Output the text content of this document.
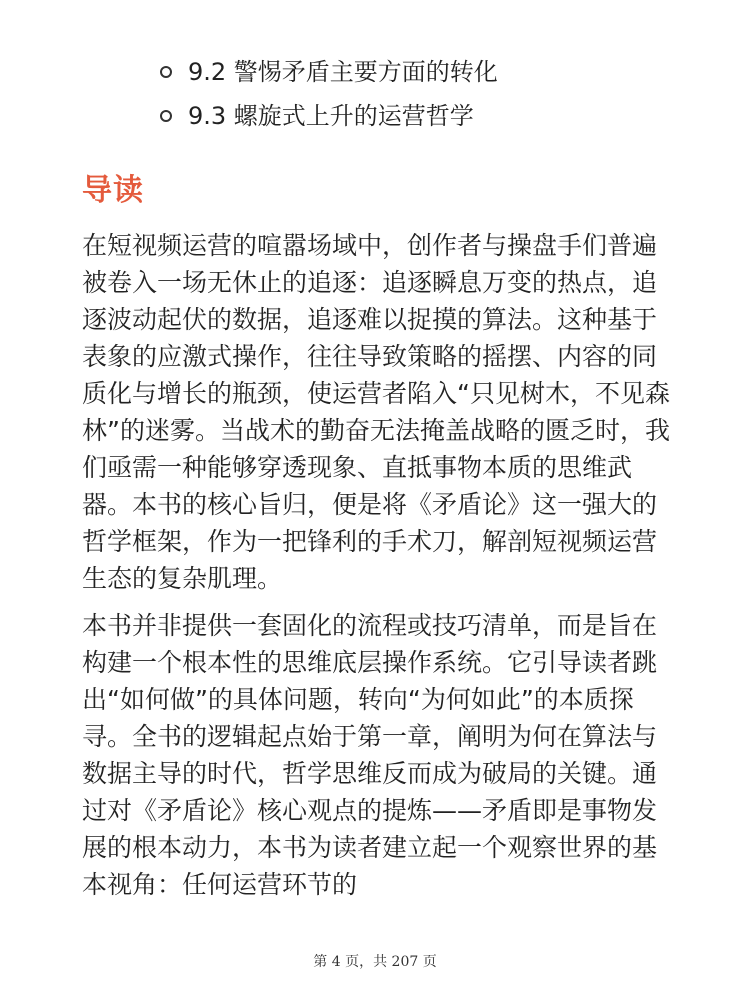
9.2 警惕矛盾主要方面的转化
9.3 螺旋式上升的运营哲学
导读

在短视频运营的喧嚣场域中，创作者与操盘手们普遍被卷入一场无休止的追逐：追逐瞬息万变的热点，追逐波动起伏的数据，追逐难以捉摸的算法。这种基于表象的应激式操作，往往导致策略的摇摆、内容的同质化与增长的瓶颈，使运营者陷入“只见树木，不见森林”的迷雾。当战术的勤奋无法掩盖战略的匮乏时，我们亟需一种能够穿透现象、直抵事物本质的思维武器。本书的核心旨归，便是将《矛盾论》这一强大的哲学框架，作为一把锋利的手术刀，解剖短视频运营生态的复杂肌理。

本书并非提供一套固化的流程或技巧清单，而是旨在构建一个根本性的思维底层操作系统。它引导读者跳出“如何做”的具体问题，转向“为何如此”的本质探寻。全书的逻辑起点始于第一章，阐明为何在算法与数据主导的时代，哲学思维反而成为破局的关键。通过对《矛盾论》核心观点的提炼——矛盾即是事物发展的根本动力，本书为读者建立起一个观察世界的基本视角：任何运营环节的

第 4 页，共 207 页
